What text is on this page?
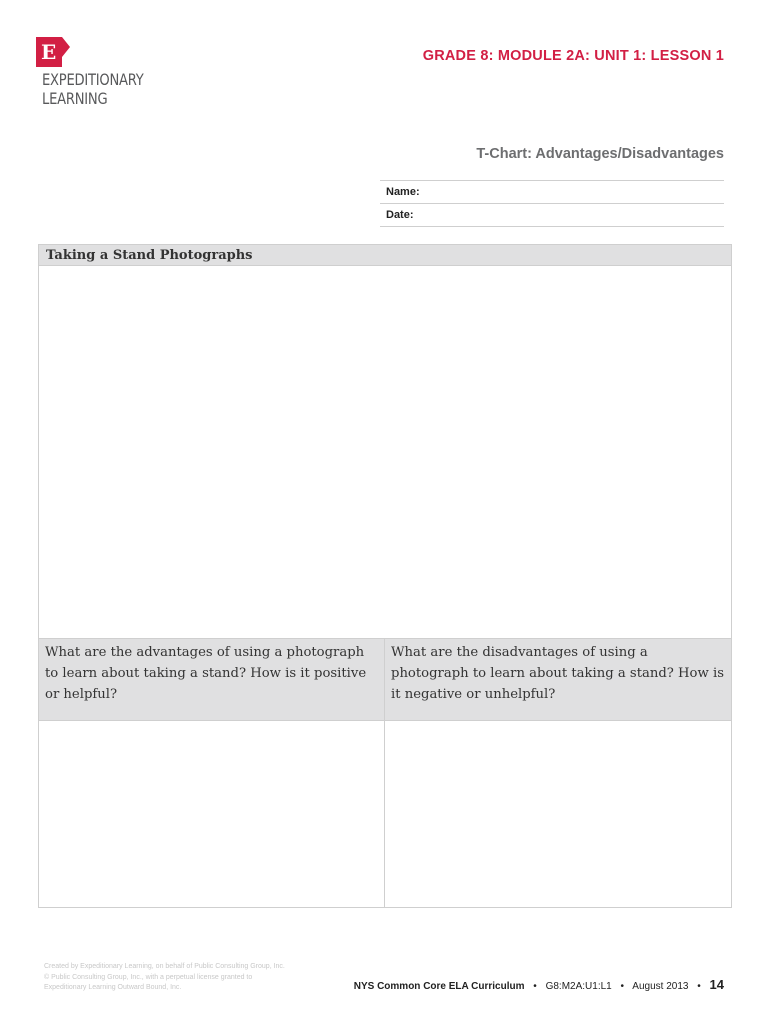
E
EXPEDITIONARY
LEARNING
GRADE 8: MODULE 2A: UNIT 1: LESSON 1
T-Chart: Advantages/Disadvantages
Name:
Date:
Taking a Stand Photographs
What are the advantages of using a photograph to learn about taking a stand? How is it positive or helpful?
What are the disadvantages of using a photograph to learn about taking a stand? How is it negative or unhelpful?
Created by Expeditionary Learning, on behalf of Public Consulting Group, Inc.
© Public Consulting Group, Inc., with a perpetual license granted to
Expeditionary Learning Outward Bound, Inc.	NYS Common Core ELA Curriculum • G8:M2A:U1:L1 • August 2013 • 14
